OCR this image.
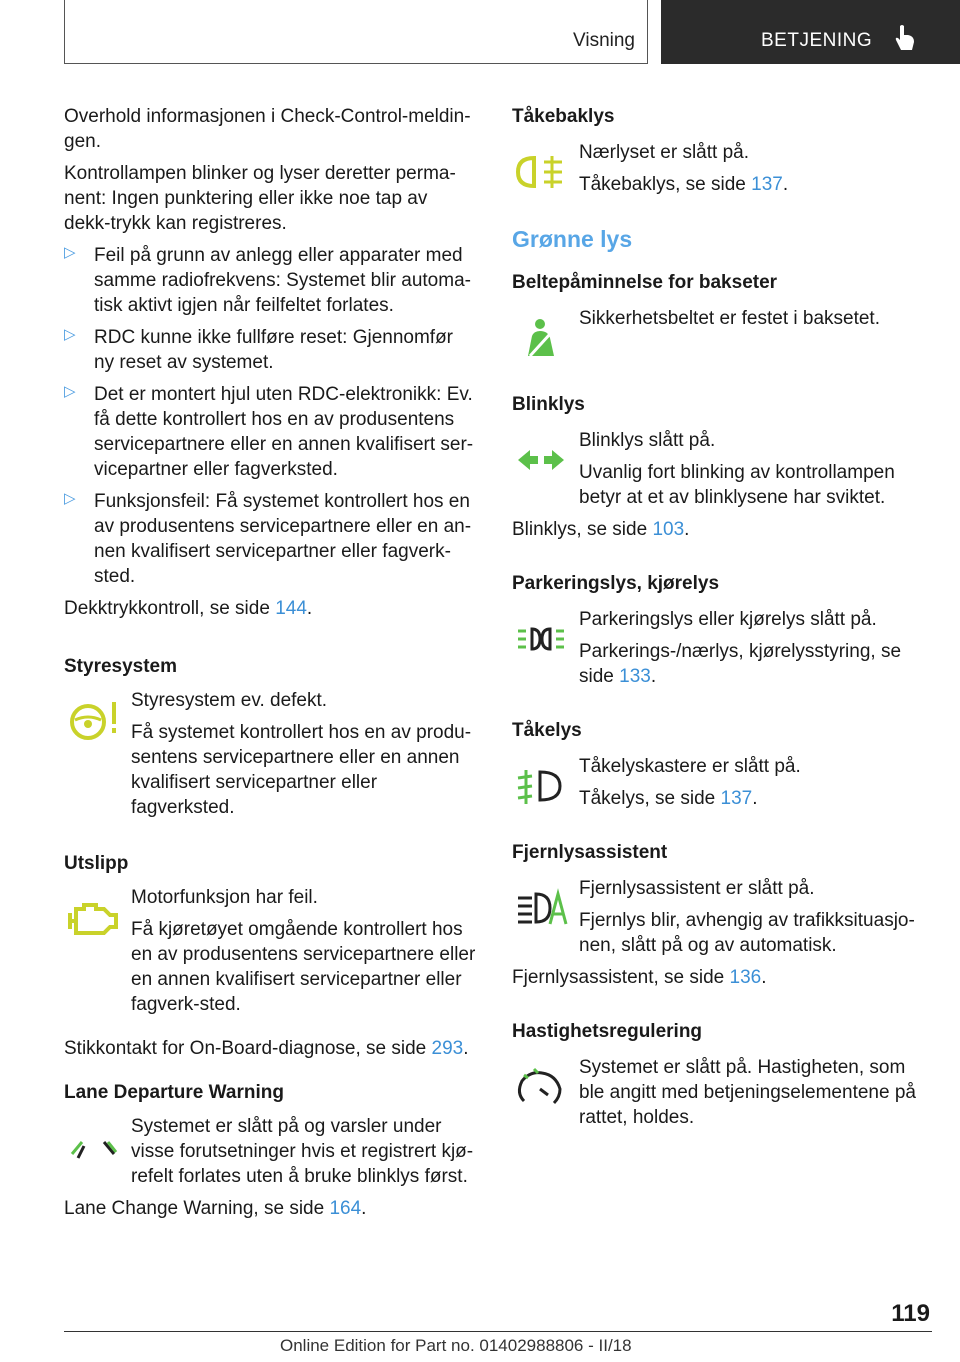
Visning	BETJENING

Overhold informasjonen i Check-Control-meldin-gen.

Kontrollampen blinker og lyser deretter perma-nent: Ingen punktering eller ikke noe tap av dekk-trykk kan registreres.

▷ Feil på grunn av anlegg eller apparater med samme radiofrekvens: Systemet blir automa-tisk aktivt igjen når feilfeltet forlates.

▷ RDC kunne ikke fullføre reset: Gjennomfør ny reset av systemet.

▷ Det er montert hjul uten RDC-elektronikk: Ev. få dette kontrollert hos en av produsentens servicepartnere eller en annen kvalifisert ser-vicepartner eller fagverksted.

▷ Funksjonsfeil: Få systemet kontrollert hos en av produsentens servicepartnere eller en an-nen kvalifisert servicepartner eller fagverk-sted.

Dekktrykkontroll, se side 144.

Styresystem

Styresystem ev. defekt.

Få systemet kontrollert hos en av produ-sentens servicepartnere eller en annen kvalifisert servicepartner eller fagverksted.

Utslipp

Motorfunksjon har feil.

Få kjøretøyet omgående kontrollert hos en av produsentens servicepartnere eller en annen kvalifisert servicepartner eller fagverk-sted.

Stikkontakt for On-Board-diagnose, se side 293.

Lane Departure Warning

Systemet er slått på og varsler under visse forutsetninger hvis et registrert kjø-refelt forlates uten å bruke blinklys først.

Lane Change Warning, se side 164.

Tåkebaklys

Nærlyset er slått på.

Tåkebaklys, se side 137.

Grønne lys

Beltepåminnelse for bakseter

Sikkerhetsbeltet er festet i baksetet.

Blinklys

Blinklys slått på.

Uvanlig fort blinking av kontrollampen betyr at et av blinklysene har sviktet.

Blinklys, se side 103.

Parkeringslys, kjørelys

Parkeringslys eller kjørelys slått på.

Parkerings-/nærlys, kjørelysstyring, se side 133.

Tåkelys

Tåkelyskastere er slått på.

Tåkelys, se side 137.

Fjernlysassistent

Fjernlysassistent er slått på.

Fjernlys blir, avhengig av trafikksituasjo-nen, slått på og av automatisk.

Fjernlysassistent, se side 136.

Hastighetsregulering

Systemet er slått på. Hastigheten, som ble angitt med betjeningselementene på rattet, holdes.

119
Online Edition for Part no. 01402988806 - II/18
